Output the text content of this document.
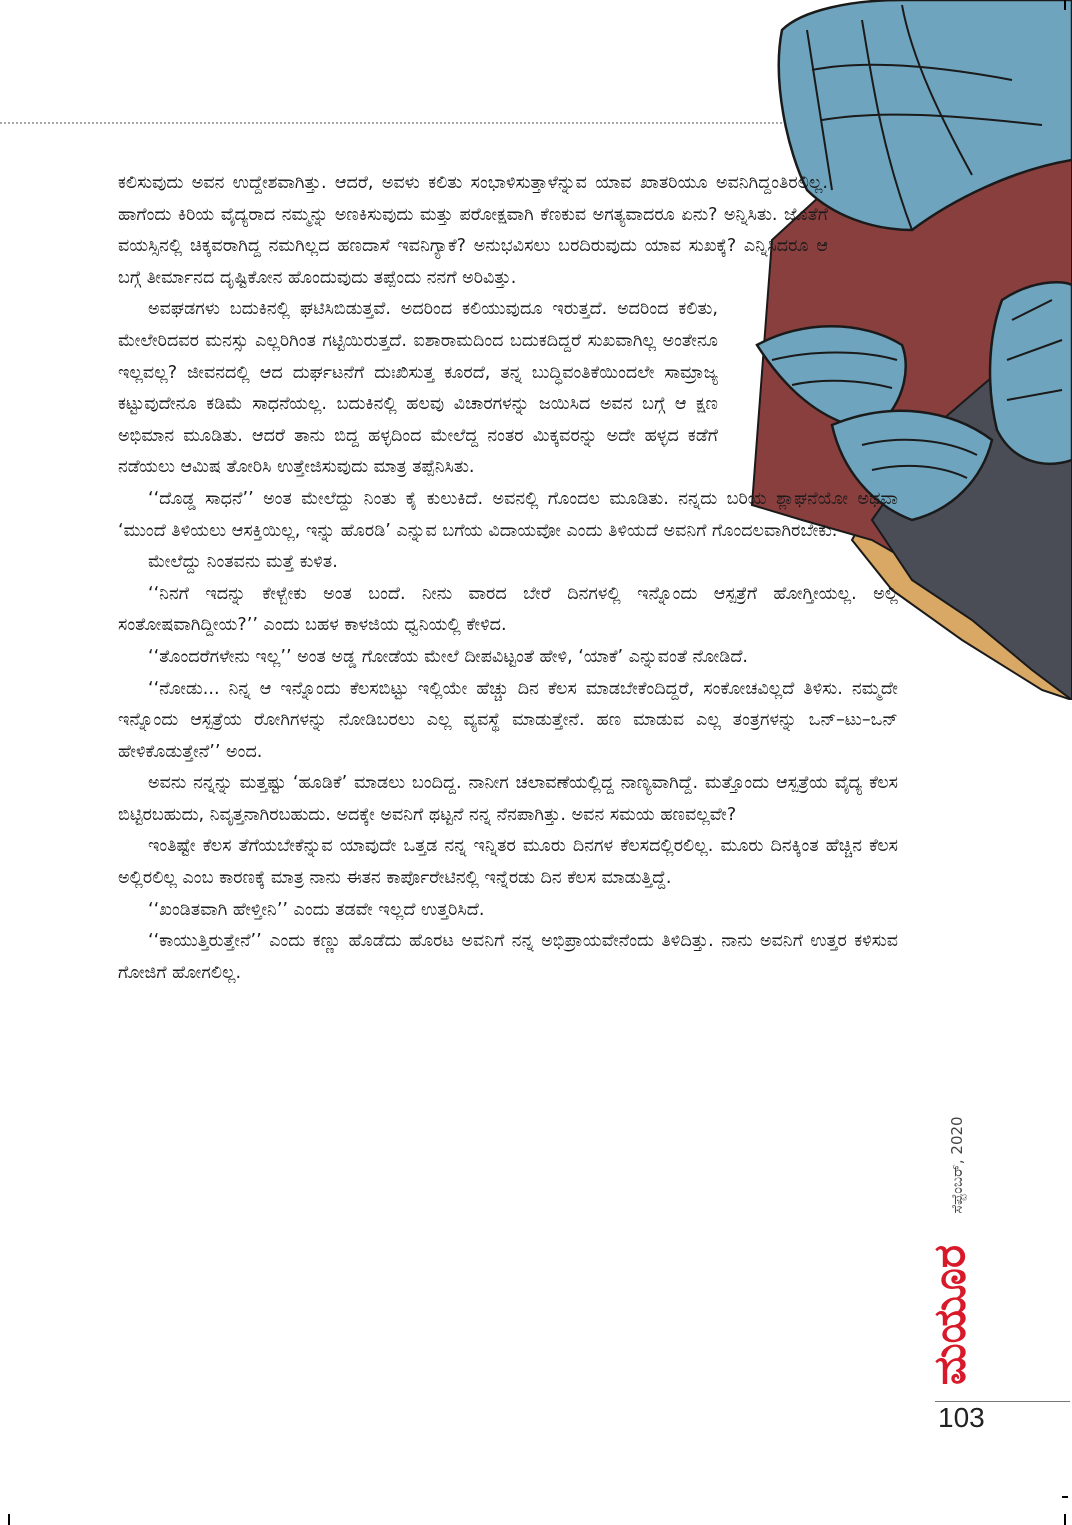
ಕಲಿಸುವುದು ಅವನ ಉದ್ದೇಶವಾಗಿತ್ತು. ಆದರೆ, ಅವಳು ಕಲಿತು ಸಂಭಾಳಿಸುತ್ತಾಳೆನ್ನುವ ಯಾವ ಖಾತರಿಯೂ ಅವನಿಗಿದ್ದಂತಿರಲಿಲ್ಲ. ಹಾಗೆಂದು ಕಿರಿಯ ವೈದ್ಯರಾದ ನಮ್ಮನ್ನು ಅಣಕಿಸುವುದು ಮತ್ತು ಪರೋಕ್ಷವಾಗಿ ಕೆಣಕುವ ಅಗತ್ಯವಾದರೂ ಏನು? ಅನ್ನಿಸಿತು. ಜೊತೆಗೆ ವಯಸ್ಸಿನಲ್ಲಿ ಚಿಕ್ಕವರಾಗಿದ್ದ ನಮಗಿಲ್ಲದ ಹಣದಾಸೆ ಇವನಿಗ್ಯಾಕೆ? ಅನುಭವಿಸಲು ಬರದಿರುವುದು ಯಾವ ಸುಖಕ್ಕೆ? ಎನ್ನಿಸಿದರೂ ಆ ಬಗ್ಗೆ ತೀರ್ಮಾನದ ದೃಷ್ಟಿಕೋನ ಹೊಂದುವುದು ತಪ್ಪೆಂದು ನನಗೆ ಅರಿವಿತ್ತು.

ಅವಘಡಗಳು ಬದುಕಿನಲ್ಲಿ ಘಟಿಸಿಬಿಡುತ್ತವೆ. ಅದರಿಂದ ಕಲಿಯುವುದೂ ಇರುತ್ತದೆ. ಅದರಿಂದ ಕಲಿತು, ಮೇಲೇರಿದವರ ಮನಸ್ಸು ಎಲ್ಲರಿಗಿಂತ ಗಟ್ಟಿಯಿರುತ್ತದೆ. ಐಶಾರಾಮದಿಂದ ಬದುಕದಿದ್ದರೆ ಸುಖವಾಗಿಲ್ಲ ಅಂತೇನೂ ಇಲ್ಲವಲ್ಲ? ಜೀವನದಲ್ಲಿ ಆದ ದುರ್ಘಟನೆಗೆ ದುಃಖಿಸುತ್ತ ಕೂರದೆ, ತನ್ನ ಬುದ್ಧಿವಂತಿಕೆಯಿಂದಲೇ ಸಾಮ್ರಾಜ್ಯ ಕಟ್ಟುವುದೇನೂ ಕಡಿಮೆ ಸಾಧನೆಯಲ್ಲ. ಬದುಕಿನಲ್ಲಿ ಹಲವು ವಿಚಾರಗಳನ್ನು ಜಯಿಸಿದ ಅವನ ಬಗ್ಗೆ ಆ ಕ್ಷಣ ಅಭಿಮಾನ ಮೂಡಿತು. ಆದರೆ ತಾನು ಬಿದ್ದ ಹಳ್ಳದಿಂದ ಮೇಲೆದ್ದ ನಂತರ ಮಿಕ್ಕವರನ್ನು ಅದೇ ಹಳ್ಳದ ಕಡೆಗೆ ನಡೆಯಲು ಆಮಿಷ ತೋರಿಸಿ ಉತ್ತೇಜಿಸುವುದು ಮಾತ್ರ ತಪ್ಪೆನಿಸಿತು.

‘‘ದೊಡ್ಡ ಸಾಧನೆ’’ ಅಂತ ಮೇಲೆದ್ದು ನಿಂತು ಕೈ ಕುಲುಕಿದೆ. ಅವನಲ್ಲಿ ಗೊಂದಲ ಮೂಡಿತು. ನನ್ನದು ಬರಿಯ ಶ್ಲಾಘನೆಯೋ ಅಥವಾ ‘ಮುಂದೆ ತಿಳಿಯಲು ಆಸಕ್ತಿಯಿಲ್ಲ, ಇನ್ನು ಹೊರಡಿ’ ಎನ್ನುವ ಬಗೆಯ ವಿದಾಯವೋ ಎಂದು ತಿಳಿಯದೆ ಅವನಿಗೆ ಗೊಂದಲವಾಗಿರಬೇಕು.

ಮೇಲೆದ್ದು ನಿಂತವನು ಮತ್ತೆ ಕುಳಿತ.

‘‘ನಿನಗೆ ಇದನ್ನು ಕೇಳ್ಬೇಕು ಅಂತ ಬಂದೆ. ನೀನು ವಾರದ ಬೇರೆ ದಿನಗಳಲ್ಲಿ ಇನ್ನೊಂದು ಆಸ್ಪತ್ರೆಗೆ ಹೋಗ್ತೀಯಲ್ಲ. ಅಲ್ಲಿ ಸಂತೋಷವಾಗಿದ್ದೀಯ?’’ ಎಂದು ಬಹಳ ಕಾಳಜಿಯ ಧ್ವನಿಯಲ್ಲಿ ಕೇಳಿದ.

‘‘ತೊಂದರೆಗಳೇನು ಇಲ್ಲ’’ ಅಂತ ಅಡ್ಡ ಗೋಡೆಯ ಮೇಲೆ ದೀಪವಿಟ್ಟಂತೆ ಹೇಳಿ, ‘ಯಾಕೆ’ ಎನ್ನುವಂತೆ ನೋಡಿದೆ.

‘‘ನೋಡು... ನಿನ್ನ ಆ ಇನ್ನೊಂದು ಕೆಲಸಬಿಟ್ಟು ಇಲ್ಲಿಯೇ ಹೆಚ್ಚು ದಿನ ಕೆಲಸ ಮಾಡಬೇಕೆಂದಿದ್ದರೆ, ಸಂಕೋಚವಿಲ್ಲದೆ ತಿಳಿಸು. ನಮ್ಮದೇ ಇನ್ನೊಂದು ಆಸ್ಪತ್ರೆಯ ರೋಗಿಗಳನ್ನು ನೋಡಿಬರಲು ಎಲ್ಲ ವ್ಯವಸ್ಥೆ ಮಾಡುತ್ತೇನೆ. ಹಣ ಮಾಡುವ ಎಲ್ಲ ತಂತ್ರಗಳನ್ನು ಒನ್–ಟು–ಒನ್ ಹೇಳಿಕೊಡುತ್ತೇನೆ’’ ಅಂದ.

ಅವನು ನನ್ನನ್ನು ಮತ್ತಷ್ಟು ‘ಹೂಡಿಕೆ’ ಮಾಡಲು ಬಂದಿದ್ದ. ನಾನೀಗ ಚಲಾವಣೆಯಲ್ಲಿದ್ದ ನಾಣ್ಯವಾಗಿದ್ದೆ. ಮತ್ತೊಂದು ಆಸ್ಪತ್ರೆಯ ವೈದ್ಯ ಕೆಲಸ ಬಿಟ್ಟಿರಬಹುದು, ನಿವೃತ್ತನಾಗಿರಬಹುದು. ಅದಕ್ಕೇ ಅವನಿಗೆ ಥಟ್ಟನೆ ನನ್ನ ನೆನಪಾಗಿತ್ತು. ಅವನ ಸಮಯ ಹಣವಲ್ಲವೇ?

ಇಂತಿಷ್ಟೇ ಕೆಲಸ ತೆಗೆಯಬೇಕೆನ್ನುವ ಯಾವುದೇ ಒತ್ತಡ ನನ್ನ ಇನ್ನಿತರ ಮೂರು ದಿನಗಳ ಕೆಲಸದಲ್ಲಿರಲಿಲ್ಲ. ಮೂರು ದಿನಕ್ಕಿಂತ ಹೆಚ್ಚಿನ ಕೆಲಸ ಅಲ್ಲಿರಲಿಲ್ಲ ಎಂಬ ಕಾರಣಕ್ಕೆ ಮಾತ್ರ ನಾನು ಈತನ ಕಾರ್ಪೊರೇಟಿನಲ್ಲಿ ಇನ್ನೆರಡು ದಿನ ಕೆಲಸ ಮಾಡುತ್ತಿದ್ದೆ.

‘‘ಖಂಡಿತವಾಗಿ ಹೇಳ್ತೀನಿ’’ ಎಂದು ತಡವೇ ಇಲ್ಲದೆ ಉತ್ತರಿಸಿದೆ.

‘‘ಕಾಯುತ್ತಿರುತ್ತೇನೆ’’ ಎಂದು ಕಣ್ಣು ಹೊಡೆದು ಹೊರಟ ಅವನಿಗೆ ನನ್ನ ಅಭಿಪ್ರಾಯವೇನೆಂದು ತಿಳಿದಿತ್ತು. ನಾನು ಅವನಿಗೆ ಉತ್ತರ ಕಳಿಸುವ ಗೋಜಿಗೆ ಹೋಗಲಿಲ್ಲ.

ಸೆಪ್ಟೆಂಬರ್, 2020
ಮಯೂರ
103
